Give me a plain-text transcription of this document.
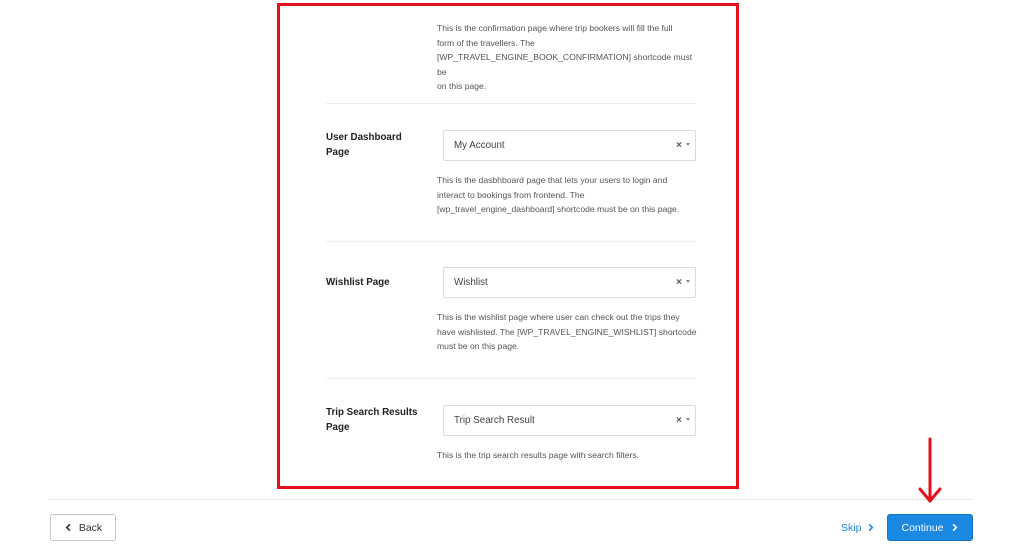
This is the confirmation page where trip bookers will fill the full
form of the travellers. The
[WP_TRAVEL_ENGINE_BOOK_CONFIRMATION] shortcode must be
on this page.
User Dashboard
Page
My Account	×
This is the dasbhboard page that lets your users to login and
interact to bookings from frontend. The
[wp_travel_engine_dashboard] shortcode must be on this page.
Wishlist Page	Wishlist	×
This is the wishlist page where user can check out the trips they
have wishlisted. The [WP_TRAVEL_ENGINE_WISHLIST] shortcode
must be on this page.
Trip Search Results
Page
Trip Search Result	×
This is the trip search results page with search filters.
Back	Skip	Continue
